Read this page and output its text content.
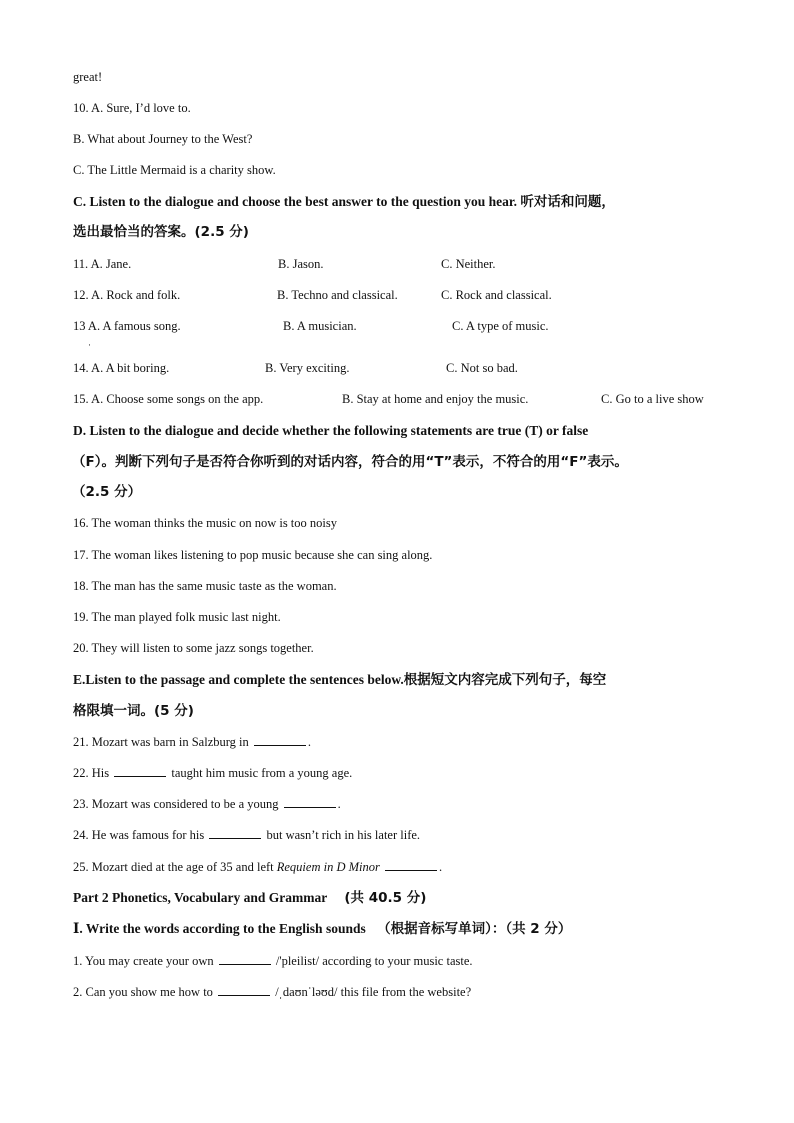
great!
10. A. Sure, I’d love to.
B. What about Journey to the West?
C. The Little Mermaid is a charity show.
C. Listen to the dialogue and choose the best answer to the question you hear. 听对话和问题，
选出最恰当的答案。(2.5 分)
11. A. Jane.	B. Jason.	C. Neither.
12. A. Rock and folk.	B. Techno and classical.	C. Rock and classical.
13 A. A famous song.	B. A musician.	C. A type of music.
·
14. A. A bit boring.	B. Very exciting.	C. Not so bad.
15. A. Choose some songs on the app.	B. Stay at home and enjoy the music.	C. Go to a live show
D. Listen to the dialogue and decide whether the following statements are true (T) or false
（F）。判断下列句子是否符合你听到的对话内容，符合的用“T”表示，不符合的用“F”表示。
（2.5 分）
16. The woman thinks the music on now is too noisy
17. The woman likes listening to pop music because she can sing along.
18. The man has the same music taste as the woman.
19. The man played folk music last night.
20. They will listen to some jazz songs together.
E.Listen to the passage and complete the sentences below.根据短文内容完成下列句子，每空
格限填一词。(5 分)
21. Mozart was barn in Salzburg in	.
22. His	taught him music from a young age.
23. Mozart was considered to be a young	.
24. He was famous for his	but wasn’t rich in his later life.
25. Mozart died at the age of 35 and left Requiem in D Minor	.
Part 2 Phonetics, Vocabulary and Grammar (共 40.5 分)
Ⅰ. Write the words according to the English sounds （根据音标写单词）：（共 2 分）
1. You may create your own	/'pleilist/ according to your music taste.
2. Can you show me how to	/ˌdaʊnˈləʊd/ this file from the website?
